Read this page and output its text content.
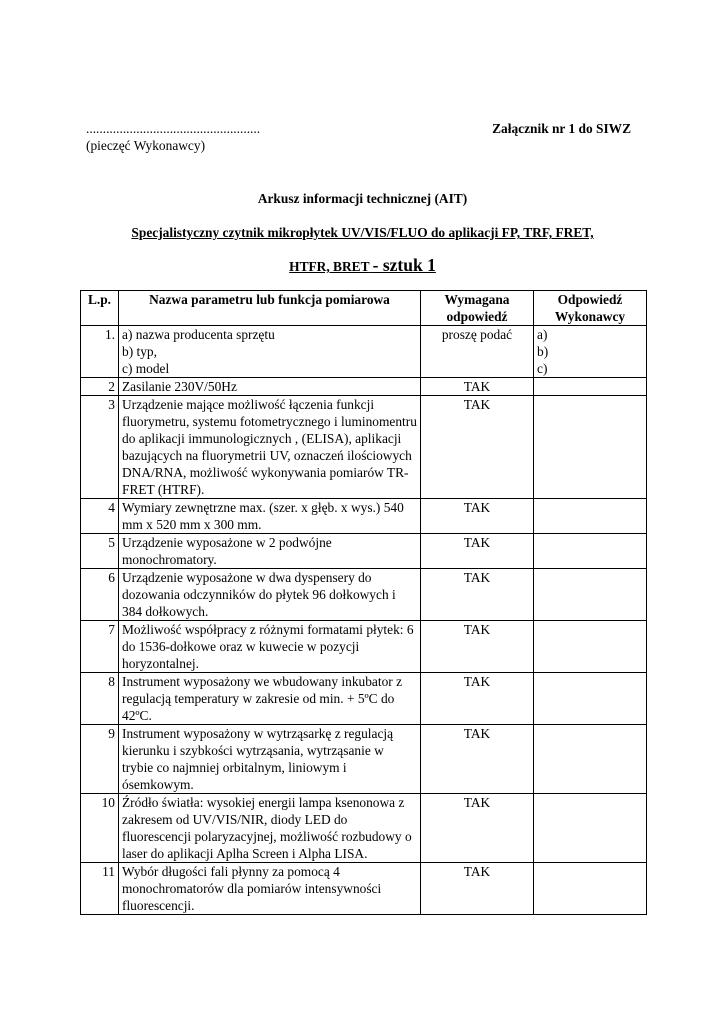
....................................................
(pieczęć Wykonawcy)
Załącznik nr 1 do SIWZ
Arkusz informacji technicznej (AIT)
Specjalistyczny czytnik mikropłytek UV/VIS/FLUO do aplikacji FP, TRF, FRET,
HTFR, BRET - sztuk 1
L.p.	Nazwa parametru lub funkcja pomiarowa	Wymagana odpowiedź	Odpowiedź Wykonawcy
1.	a) nazwa producenta sprzętu
b) typ,
c) model	proszę podać	a)
b)
c)
2	Zasilanie 230V/50Hz	TAK	
3	Urządzenie mające możliwość łączenia funkcji fluorymetru, systemu fotometrycznego i luminomentru do aplikacji immunologicznych , (ELISA), aplikacji bazujących na fluorymetrii UV, oznaczeń ilościowych DNA/RNA, możliwość wykonywania pomiarów TR-FRET (HTRF).	TAK	
4	Wymiary zewnętrzne max. (szer. x głęb. x wys.) 540 mm x 520 mm x 300 mm.	TAK	
5	Urządzenie wyposażone w 2 podwójne monochromatory.	TAK	
6	Urządzenie wyposażone w dwa dyspensery do dozowania odczynników do płytek 96 dołkowych i 384 dołkowych.	TAK	
7	Możliwość współpracy z różnymi formatami płytek: 6 do 1536-dołkowe oraz w kuwecie w pozycji horyzontalnej.	TAK	
8	Instrument wyposażony we wbudowany inkubator z regulacją temperatury w zakresie od min. + 5ºC do 42ºC.	TAK	
9	Instrument wyposażony w wytrząsarkę z regulacją kierunku i szybkości wytrząsania, wytrząsanie w trybie co najmniej orbitalnym, liniowym i ósemkowym.	TAK	
10	Źródło światła: wysokiej energii lampa ksenonowa z zakresem od UV/VIS/NIR, diody LED do fluorescencji polaryzacyjnej, możliwość rozbudowy o laser do aplikacji Aplha Screen i Alpha LISA.	TAK	
11	Wybór długości fali płynny za pomocą 4 monochromatorów dla pomiarów intensywności fluorescencji.	TAK	
